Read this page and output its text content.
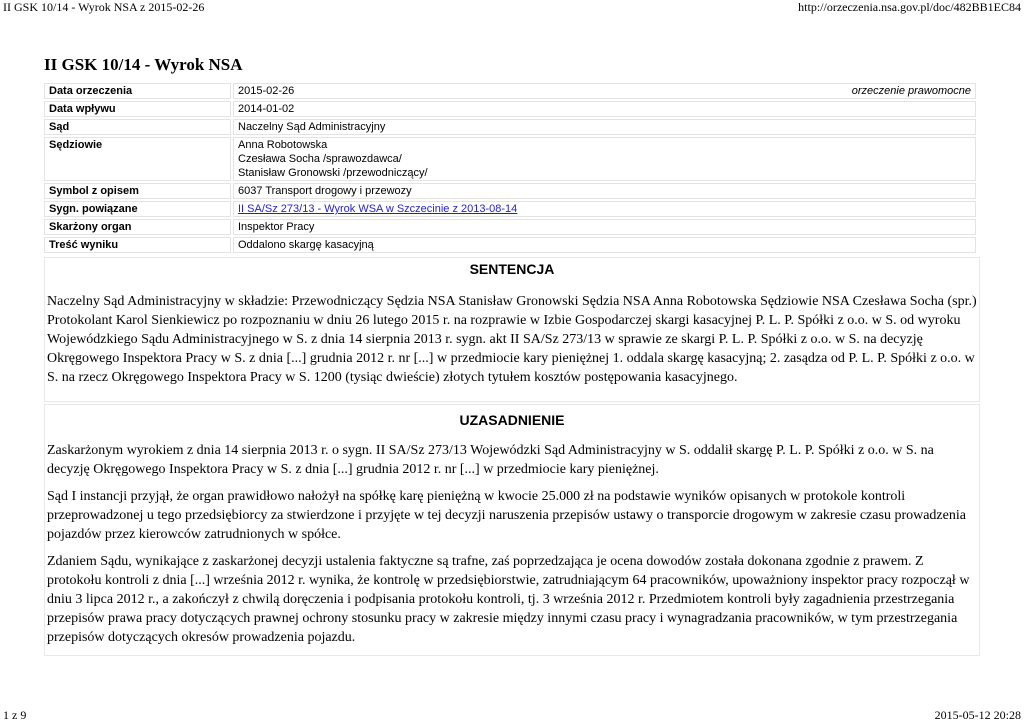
II GSK 10/14 - Wyrok NSA z 2015-02-26	http://orzeczenia.nsa.gov.pl/doc/482BB1EC84
II GSK 10/14 - Wyrok NSA
Data orzeczenia	2015-02-26 orzeczenie prawomocne

Data wpływu	2014-01-02
Sąd	Naczelny Sąd Administracyjny
Sędziowie	Anna Robotowska
Czesława Socha /sprawozdawca/
Stanisław Gronowski /przewodniczący/

Symbol z opisem	6037 Transport drogowy i przewozy
Sygn. powiązane	II SA/Sz 273/13 - Wyrok WSA w Szczecinie z 2013-08-14
Skarżony organ	Inspektor Pracy
Treść wyniku	Oddalono skargę kasacyjną
SENTENCJA

Naczelny Sąd Administracyjny w składzie: Przewodniczący Sędzia NSA Stanisław Gronowski Sędzia NSA Anna Robotowska Sędziowie NSA Czesława Socha (spr.) Protokolant Karol Sienkiewicz po rozpoznaniu w dniu 26 lutego 2015 r. na rozprawie w Izbie Gospodarczej skargi kasacyjnej P. L. P. Spółki z o.o. w S. od wyroku Wojewódzkiego Sądu Administracyjnego w S. z dnia 14 sierpnia 2013 r. sygn. akt II SA/Sz 273/13 w sprawie ze skargi P. L. P. Spółki z o.o. w S. na decyzję Okręgowego Inspektora Pracy w S. z dnia [...] grudnia 2012 r. nr [...] w przedmiocie kary pieniężnej 1. oddala skargę kasacyjną; 2. zasądza od P. L. P. Spółki z o.o. w S. na rzecz Okręgowego Inspektora Pracy w S. 1200 (tysiąc dwieście) złotych tytułem kosztów postępowania kasacyjnego.

UZASADNIENIE

Zaskarżonym wyrokiem z dnia 14 sierpnia 2013 r. o sygn. II SA/Sz 273/13 Wojewódzki Sąd Administracyjny w S. oddalił skargę P. L. P. Spółki z o.o. w S. na decyzję Okręgowego Inspektora Pracy w S. z dnia [...] grudnia 2012 r. nr [...] w przedmiocie kary pieniężnej.

Sąd I instancji przyjął, że organ prawidłowo nałożył na spółkę karę pieniężną w kwocie 25.000 zł na podstawie wyników opisanych w protokole kontroli przeprowadzonej u tego przedsiębiorcy za stwierdzone i przyjęte w tej decyzji naruszenia przepisów ustawy o transporcie drogowym w zakresie czasu prowadzenia pojazdów przez kierowców zatrudnionych w spółce.

Zdaniem Sądu, wynikające z zaskarżonej decyzji ustalenia faktyczne są trafne, zaś poprzedzająca je ocena dowodów została dokonana zgodnie z prawem. Z protokołu kontroli z dnia [...] września 2012 r. wynika, że kontrolę w przedsiębiorstwie, zatrudniającym 64 pracowników, upoważniony inspektor pracy rozpoczął w dniu 3 lipca 2012 r., a zakończył z chwilą doręczenia i podpisania protokołu kontroli, tj. 3 września 2012 r. Przedmiotem kontroli były zagadnienia przestrzegania przepisów prawa pracy dotyczących prawnej ochrony stosunku pracy w zakresie między innymi czasu pracy i wynagradzania pracowników, w tym przestrzegania przepisów dotyczących okresów prowadzenia pojazdu.

1 z 9	2015-05-12 20:28
